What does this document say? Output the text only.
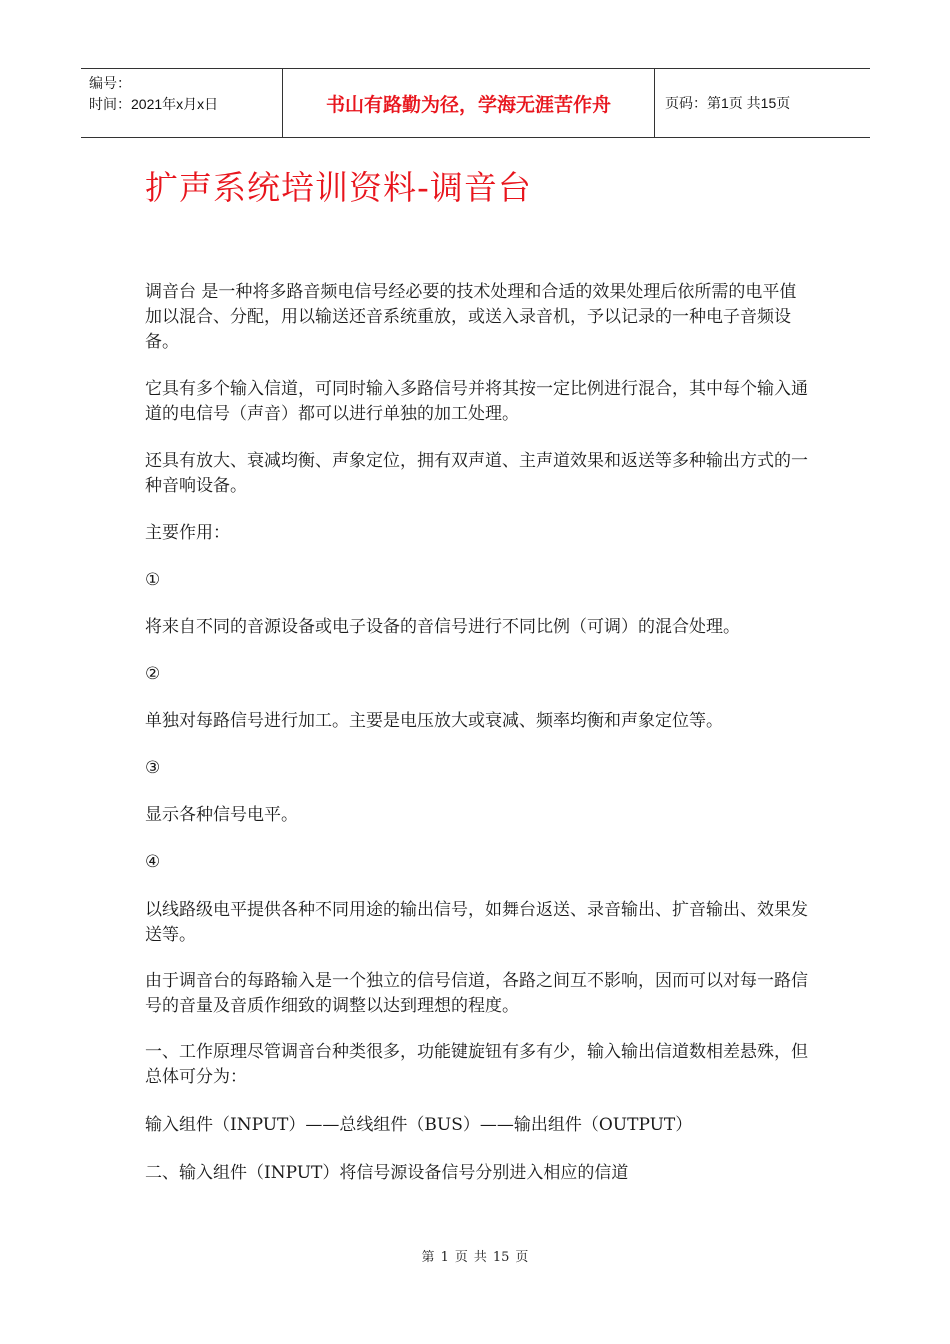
编号：
时间：2021年x月x日	书山有路勤为径，学海无涯苦作舟	页码：第1页 共15页
扩声系统培训资料-调音台

调音台 是一种将多路音频电信号经必要的技术处理和合适的效果处理后依所需的电平值加以混合、分配，用以输送还音系统重放，或送入录音机，予以记录的一种电子音频设备。

它具有多个输入信道，可同时输入多路信号并将其按一定比例进行混合，其中每个输入通道的电信号（声音）都可以进行单独的加工处理。

还具有放大、衰减均衡、声象定位，拥有双声道、主声道效果和返送等多种输出方式的一种音响设备。

主要作用：

①

将来自不同的音源设备或电子设备的音信号进行不同比例（可调）的混合处理。

②

单独对每路信号进行加工。主要是电压放大或衰减、频率均衡和声象定位等。

③

显示各种信号电平。

④

以线路级电平提供各种不同用途的输出信号，如舞台返送、录音输出、扩音输出、效果发送等。

由于调音台的每路输入是一个独立的信号信道，各路之间互不影响，因而可以对每一路信号的音量及音质作细致的调整以达到理想的程度。

一、工作原理尽管调音台种类很多，功能键旋钮有多有少，输入输出信道数相差悬殊，但总体可分为：

输入组件（INPUT）——总线组件（BUS）——输出组件（OUTPUT）

二、输入组件（INPUT）将信号源设备信号分别进入相应的信道

第 1 页 共 15 页
